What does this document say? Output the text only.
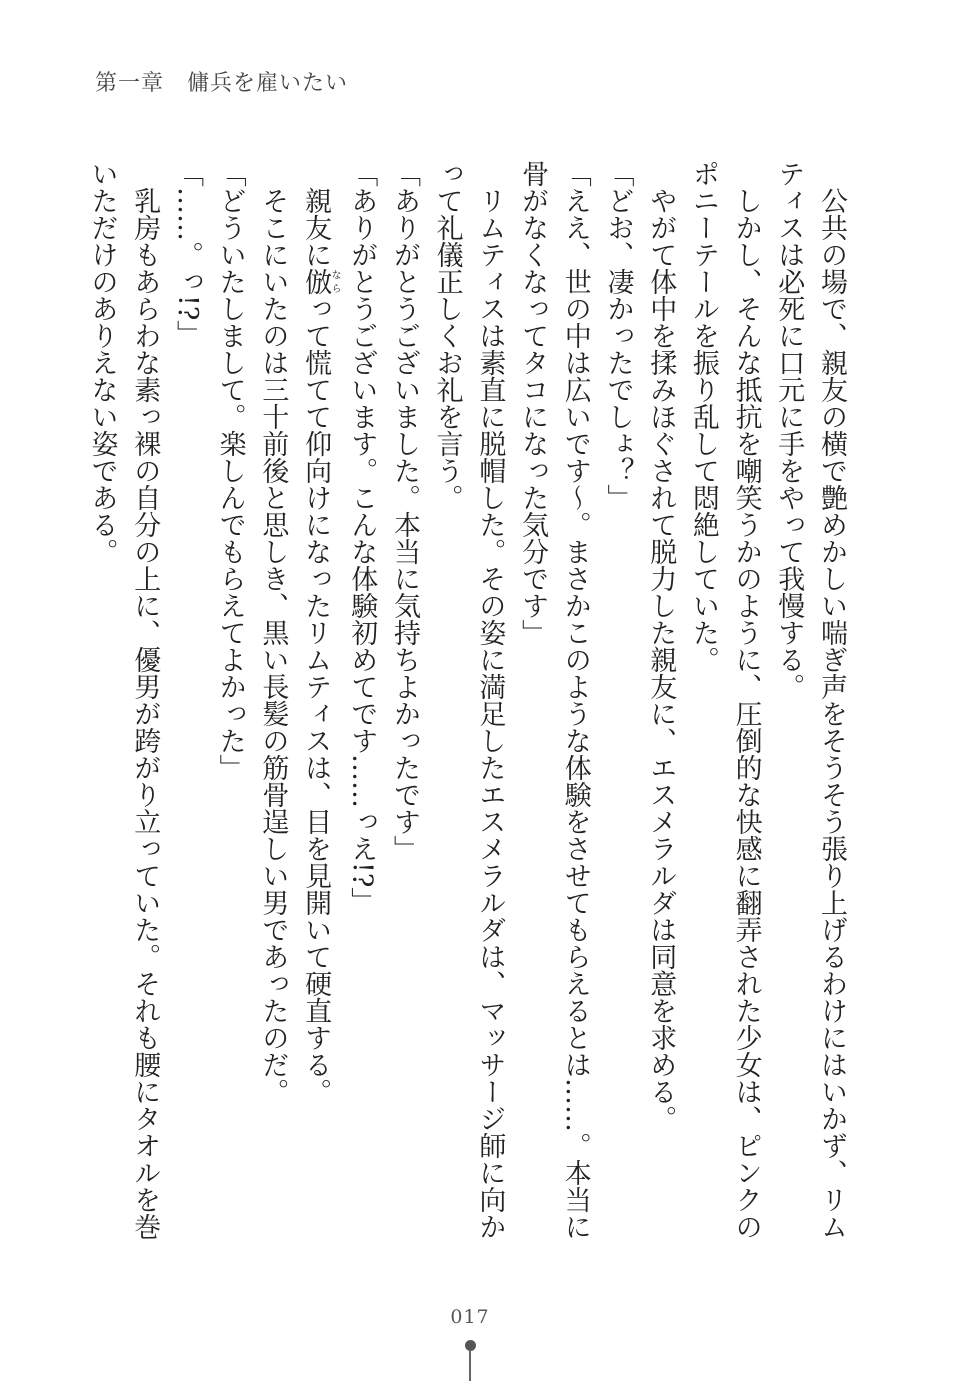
第一章　傭兵を雇いたい
公共の場で、親友の横で艶めかしい喘ぎ声をそうそう張り上げるわけにはいかず、リム
ティスは必死に口元に手をやって我慢する。
しかし、そんな抵抗を嘲笑うかのように、圧倒的な快感に翻弄された少女は、ピンクの
ポニーテールを振り乱して悶絶していた。
やがて体中を揉みほぐされて脱力した親友に、エスメラルダは同意を求める。
「どお、凄かったでしょ？」
「ええ、世の中は広いです～。まさかこのような体験をさせてもらえるとは……。本当に
骨がなくなってタコになった気分です」
リムティスは素直に脱帽した。その姿に満足したエスメラルダは、マッサージ師に向か
って礼儀正しくお礼を言う。
「ありがとうございました。本当に気持ちよかったです」
「ありがとうございます。こんな体験初めてです……っえ!?」
親友に倣ならって慌てて仰向けになったリムティスは、目を見開いて硬直する。
そこにいたのは三十前後と思しき、黒い長髪の筋骨逞しい男であったのだ。
「どういたしまして。楽しんでもらえてよかった」
「……。っ!?」
乳房もあらわな素っ裸の自分の上に、優男が跨がり立っていた。それも腰にタオルを巻
いただけのありえない姿である。
017
